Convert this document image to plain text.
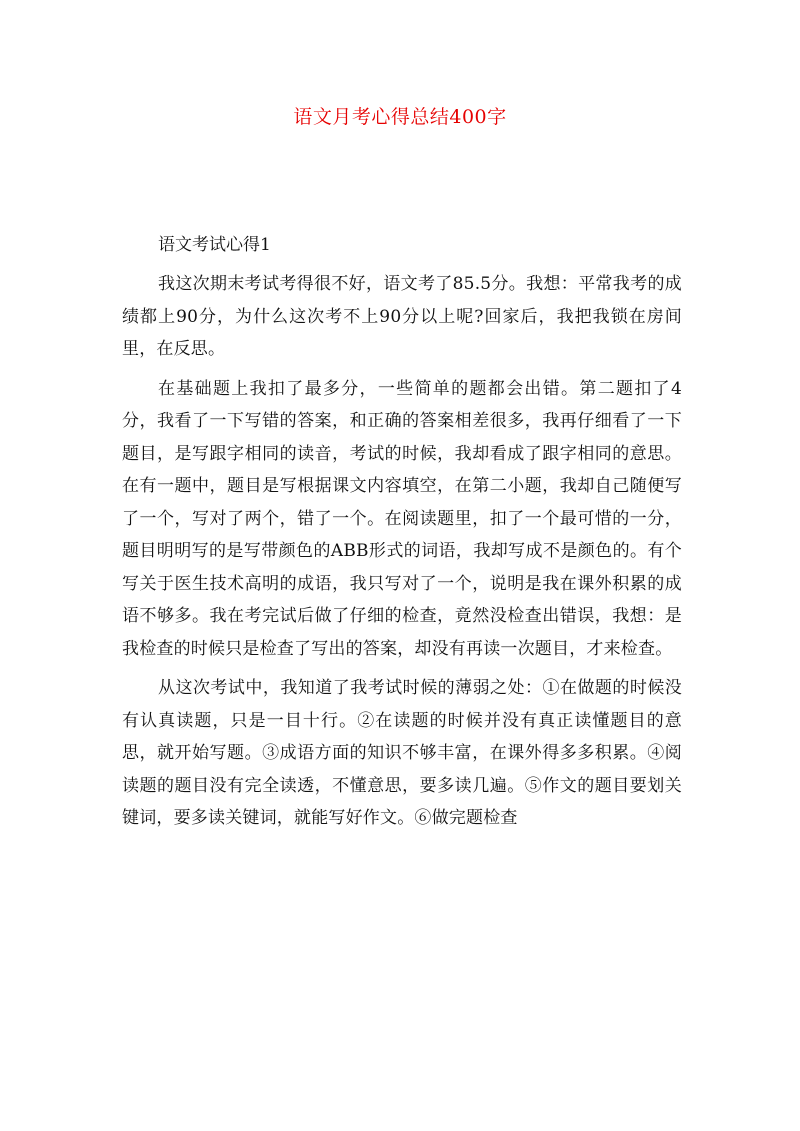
语文月考心得总结400字
语文考试心得1

我这次期末考试考得很不好，语文考了85.5分。我想：平常我考的成绩都上90分，为什么这次考不上90分以上呢?回家后，我把我锁在房间里，在反思。

在基础题上我扣了最多分，一些简单的题都会出错。第二题扣了4分，我看了一下写错的答案，和正确的答案相差很多，我再仔细看了一下题目，是写跟字相同的读音，考试的时候，我却看成了跟字相同的意思。在有一题中，题目是写根据课文内容填空，在第二小题，我却自己随便写了一个，写对了两个，错了一个。在阅读题里，扣了一个最可惜的一分，题目明明写的是写带颜色的ABB形式的词语，我却写成不是颜色的。有个写关于医生技术高明的成语，我只写对了一个，说明是我在课外积累的成语不够多。我在考完试后做了仔细的检查，竟然没检查出错误，我想：是我检查的时候只是检查了写出的答案，却没有再读一次题目，才来检查。

从这次考试中，我知道了我考试时候的薄弱之处：①在做题的时候没有认真读题，只是一目十行。②在读题的时候并没有真正读懂题目的意思，就开始写题。③成语方面的知识不够丰富，在课外得多多积累。④阅读题的题目没有完全读透，不懂意思，要多读几遍。⑤作文的题目要划关键词，要多读关键词，就能写好作文。⑥做完题检查
